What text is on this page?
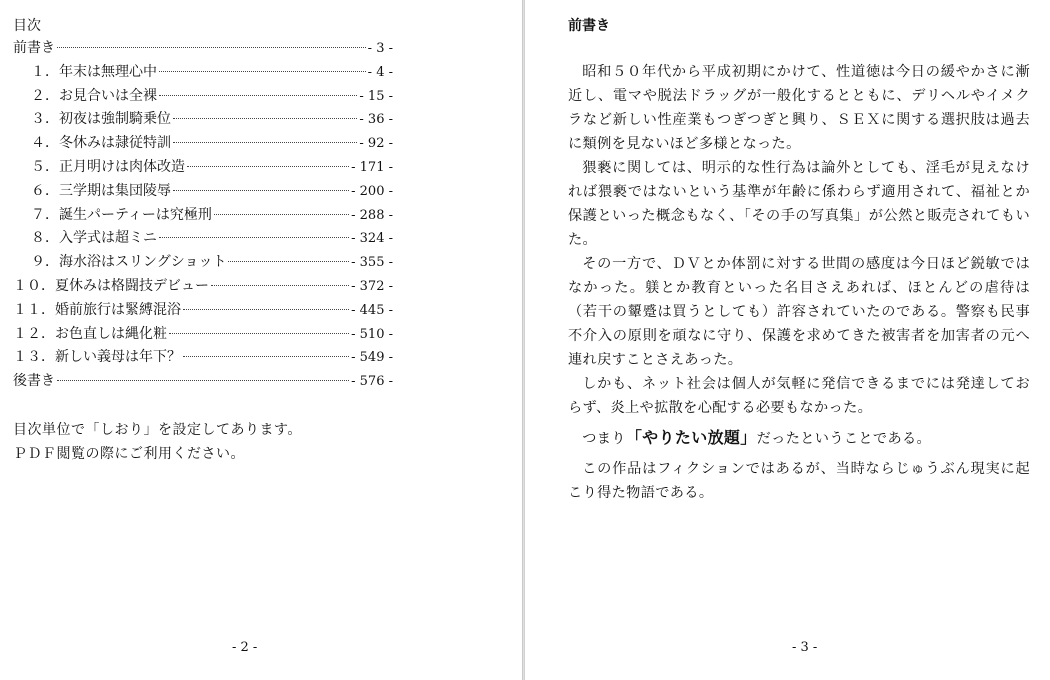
目次
前書き	- 3 -
１．年末は無理心中	- 4 -
２．お見合いは全裸	- 15 -
３．初夜は強制騎乗位	- 36 -
４．冬休みは隷従特訓	- 92 -
５．正月明けは肉体改造	- 171 -
６．三学期は集団陵辱	- 200 -
７．誕生パーティーは究極刑	- 288 -
８．入学式は超ミニ	- 324 -
９．海水浴はスリングショット	- 355 -
１０．夏休みは格闘技デビュー	- 372 -
１１．婚前旅行は緊縛混浴	- 445 -
１２．お色直しは縄化粧	- 510 -
１３．新しい義母は年下？	- 549 -
後書き	- 576 -
目次単位で「しおり」を設定してあります。
ＰＤＦ閲覧の際にご利用ください。
- 2 -
前書き

昭和５０年代から平成初期にかけて、性道徳は今日の緩やかさに漸近し、電マや脱法ドラッグが一般化するとともに、デリヘルやイメクラなど新しい性産業もつぎつぎと興り、ＳＥＸに関する選択肢は過去に類例を見ないほど多様となった。

猥褻に関しては、明示的な性行為は論外としても、淫毛が見えなければ猥褻ではないという基準が年齢に係わらず適用されて、福祉とか保護といった概念もなく、「その手の写真集」が公然と販売されてもいた。

その一方で、ＤＶとか体罰に対する世間の感度は今日ほど鋭敏ではなかった。躾とか教育といった名目さえあれば、ほとんどの虐待は（若干の顰蹙は買うとしても）許容されていたのである。警察も民事不介入の原則を頑なに守り、保護を求めてきた被害者を加害者の元へ連れ戻すことさえあった。

しかも、ネット社会は個人が気軽に発信できるまでには発達しておらず、炎上や拡散を心配する必要もなかった。

つまり「やりたい放題」だったということである。

この作品はフィクションではあるが、当時ならじゅうぶん現実に起こり得た物語である。

- 3 -
